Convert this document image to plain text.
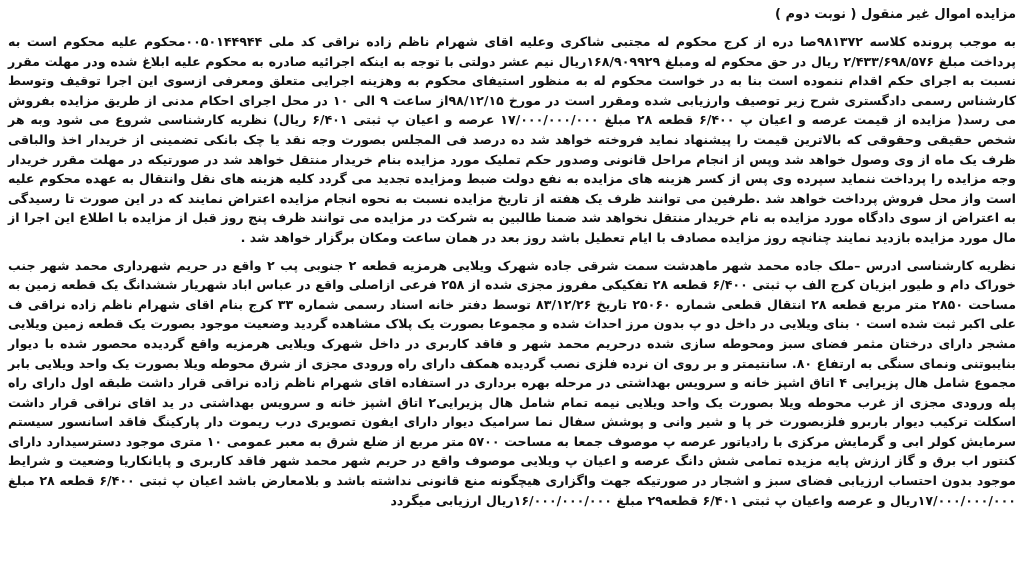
مزایده اموال غیر منقول ( نوبت دوم )

به موجب پرونده کلاسه ۹۸۱۳۷۲صا دره از کرج محکوم له مجتبی شاکری وعلیه اقای شهرام ناظم زاده نراقی کد ملی ۰۰۵۰۱۴۴۹۴۴محکوم علیه محکوم است به پرداخت مبلغ ۲/۴۳۳/۶۹۸/۵۷۶ ریال در حق محکوم له ومبلغ ۱۶۸/۹۰۹۹۲۹ریال نیم عشر دولتی با توجه به اینکه اجرائیه صادره به محکوم علیه ابلاغ شده ودر مهلت مقرر نسبت به اجرای حکم اقدام ننموده است بنا به در خواست محکوم له به منظور استیفای محکوم به وهزینه اجرایی متعلق ومعرفی ازسوی این اجرا توقیف وتوسط کارشناس رسمی دادگستری شرح زیر توصیف وارزیابی شده ومقرر است در مورخ ۹۸/۱۲/۱۵از ساعت ۹ الی ۱۰ در محل اجرای احکام مدنی از طریق مزایده بفروش می رسد( مزایده از قیمت عرصه و اعیان پ ۶/۴۰۰ قطعه ۲۸ مبلغ ۱۷/۰۰۰/۰۰۰/۰۰۰ عرصه و اعیان پ ثبتی ۶/۴۰۱ ریال) نظریه کارشناسی شروع می شود وبه هر شخص حقیقی وحقوقی که بالاترین قیمت را پیشنهاد نماید فروخته خواهد شد ده درصد فی المجلس بصورت وجه نقد یا چک بانکی تضمینی از خریدار اخذ والباقی ظرف یک ماه از وی وصول خواهد شد وپس از انجام مراحل قانونی وصدور حکم تملیک مورد مزایده بنام خریدار منتقل خواهد شد در صورتیکه در مهلت مقرر خریدار وجه مزایده را پرداخت ننماید سپرده وی پس از کسر هزینه های مزایده به نفع دولت ضبط ومزایده تجدید می گردد کلیه هزینه های نقل وانتقال به عهده محکوم علیه است واز محل فروش پرداخت خواهد شد .طرفین می توانند ظرف یک هفته از تاریخ مزایده نسبت به نحوه انجام مزایده اعتراض نمایند که در این صورت تا رسیدگی به اعتراض از سوی دادگاه مورد مزایده به نام خریدار منتقل نخواهد شد ضمنا طالبین به شرکت در مزایده می توانند ظرف پنج روز قبل از مزایده با اطلاع این اجرا از مال مورد مزایده بازدید نمایند چنانچه روز مزایده مصادف با ایام تعطیل باشد روز بعد در همان ساعت ومکان برگزار خواهد شد .

نظریه کارشناسی ادرس –ملک جاده محمد شهر ماهدشت سمت شرقی جاده شهرک ویلایی هرمزیه قطعه ۲ جنوبی پب ۲ واقع در حریم شهرداری محمد شهر جنب خوراک دام و طیور ابزیان کرج الف پ ثبتی ۶/۴۰۰ قطعه ۲۸ تفکیکی مفروز مجزی شده از ۲۵۸ فرعی ازاصلی واقع در عباس اباد شهریار ششدانگ یک قطعه زمین به مساحت ۲۸۵۰ متر مربع قطعه ۲۸ انتقال قطعی شماره ۲۵۰۶۰ تاریخ ۸۳/۱۲/۲۶ توسط دفتر خانه اسناد رسمی شماره ۳۳ کرج بنام اقای شهرام ناظم زاده نراقی ف علی اکبر ثبت شده است ۰ بنای ویلایی در داخل دو پ بدون مرز احداث شده و مجموعا بصورت یک پلاک مشاهده گردید وضعیت موجود بصورت یک قطعه زمین ویلایی مشجر دارای درختان مثمر فضای سبز ومحوطه سازی شده درحریم محمد شهر و فاقد کاربری در داخل شهرک ویلایی هرمزیه واقع گردیده محصور شده با دیوار بنایبوتنی ونمای سنگی به ارتفاع ۸۰. سانتیمتر و بر روی ان نرده فلزی نصب گردیده همکف دارای راه ورودی مجزی از شرق محوطه ویلا بصورت یک واحد ویلایی بابر مجموع شامل هال پزیرایی ۴ اتاق اشپز خانه و سرویس بهداشتی در مرحله بهره برداری در استفاده اقای شهرام ناظم زاده نراقی قرار داشت طبقه اول دارای راه پله ورودی مجزی از غرب محوطه ویلا بصورت یک واحد ویلایی نیمه تمام شامل هال پزیرایی۲ اتاق اشپز خانه و سرویس بهداشتی در ید اقای نراقی قرار داشت اسکلت ترکیب دیوار باربرو فلزبصورت خر پا و شیر وانی و پوشش سفال نما سرامیک دیوار دارای ایفون تصویری درب ریموت دار پارکینگ فاقد اسانسور سیستم سرمایش کولر ابی و گرمایش مرکزی با رادیاتور عرصه پ موصوف جمعا به مساحت ۵۷۰۰ متر مربع از ضلع شرق به معبر عمومی ۱۰ متری موجود دسترسیدارد دارای کنتور اب برق و گاز ارزش پایه مزیده تمامی شش دانگ عرصه و اعیان پ ویلایی موصوف واقع در حریم شهر محمد شهر فاقد کاربری و پایانکاریا وضعیت و شرایط موجود بدون احتساب ارزیابی فضای سبز و اشجار در صورتیکه جهت واگزاری هیچگونه منع قانونی نداشته باشد و بلامعارض باشد اعیان پ ثبتی ۶/۴۰۰ قطعه ۲۸ مبلغ ۱۷/۰۰۰/۰۰۰/۰۰۰ریال و عرصه واعیان پ ثبتی ۶/۴۰۱ قطعه۲۹ مبلغ ۱۶/۰۰۰/۰۰۰/۰۰۰ریال ارزیابی میگردد
